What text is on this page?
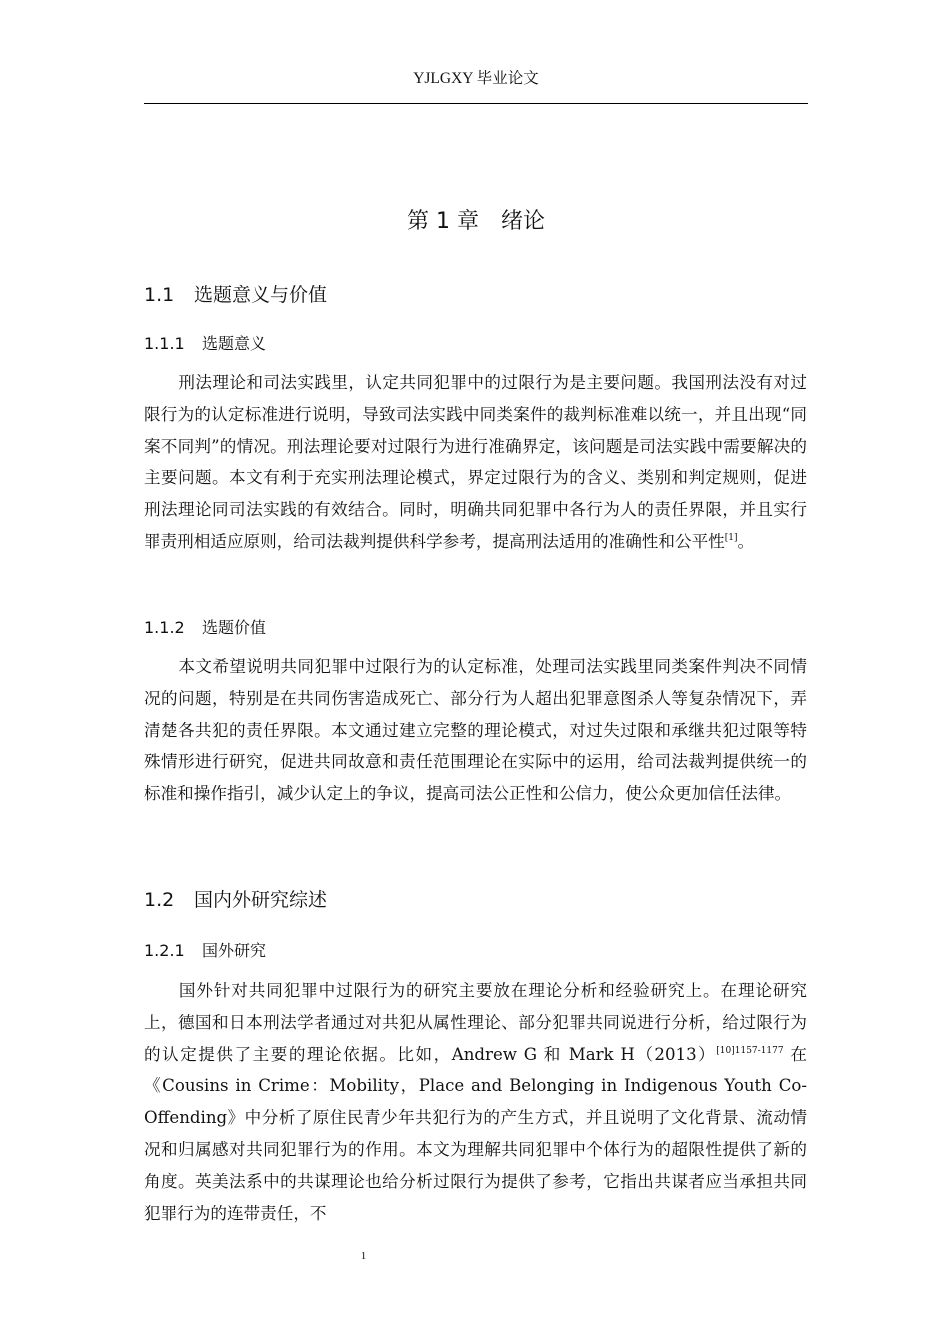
YJLGXY 毕业论文
第 1 章　 绪论
1.1 选题意义与价值
1.1.1 选题意义

刑法理论和司法实践里，认定共同犯罪中的过限行为是主要问题。我国刑法没有对过限行为的认定标准进行说明，导致司法实践中同类案件的裁判标准难以统一，并且出现“同案不同判”的情况。刑法理论要对过限行为进行准确界定，该问题是司法实践中需要解决的主要问题。本文有利于充实刑法理论模式，界定过限行为的含义、类别和判定规则，促进刑法理论同司法实践的有效结合。同时，明确共同犯罪中各行为人的责任界限，并且实行罪责刑相适应原则，给司法裁判提供科学参考，提高刑法适用的准确性和公平性[1]。

1.1.2 选题价值

本文希望说明共同犯罪中过限行为的认定标准，处理司法实践里同类案件判决不同情况的问题，特别是在共同伤害造成死亡、部分行为人超出犯罪意图杀人等复杂情况下，弄清楚各共犯的责任界限。本文通过建立完整的理论模式，对过失过限和承继共犯过限等特殊情形进行研究，促进共同故意和责任范围理论在实际中的运用，给司法裁判提供统一的标准和操作指引，减少认定上的争议，提高司法公正性和公信力，使公众更加信任法律。

1.2 国内外研究综述
1.2.1 国外研究

国外针对共同犯罪中过限行为的研究主要放在理论分析和经验研究上。在理论研究上，德国和日本刑法学者通过对共犯从属性理论、部分犯罪共同说进行分析，给过限行为的认定提供了主要的理论依据。比如，Andrew G 和 Mark $H(2013)^{[10]1157-1177}$ 在《Cousins in Crime：Mobility，Place and Belonging in Indigenous Youth Co-Offending》中分析了原住民青少年共犯行为的产生方式，并且说明了文化背景、流动情况和归属感对共同犯罪行为的作用。本文为理解共同犯罪中个体行为的超限性提供了新的角度。英美法系中的共谋理论也给分析过限行为提供了参考，它指出共谋者应当承担共同犯罪行为的连带责任，不

1
